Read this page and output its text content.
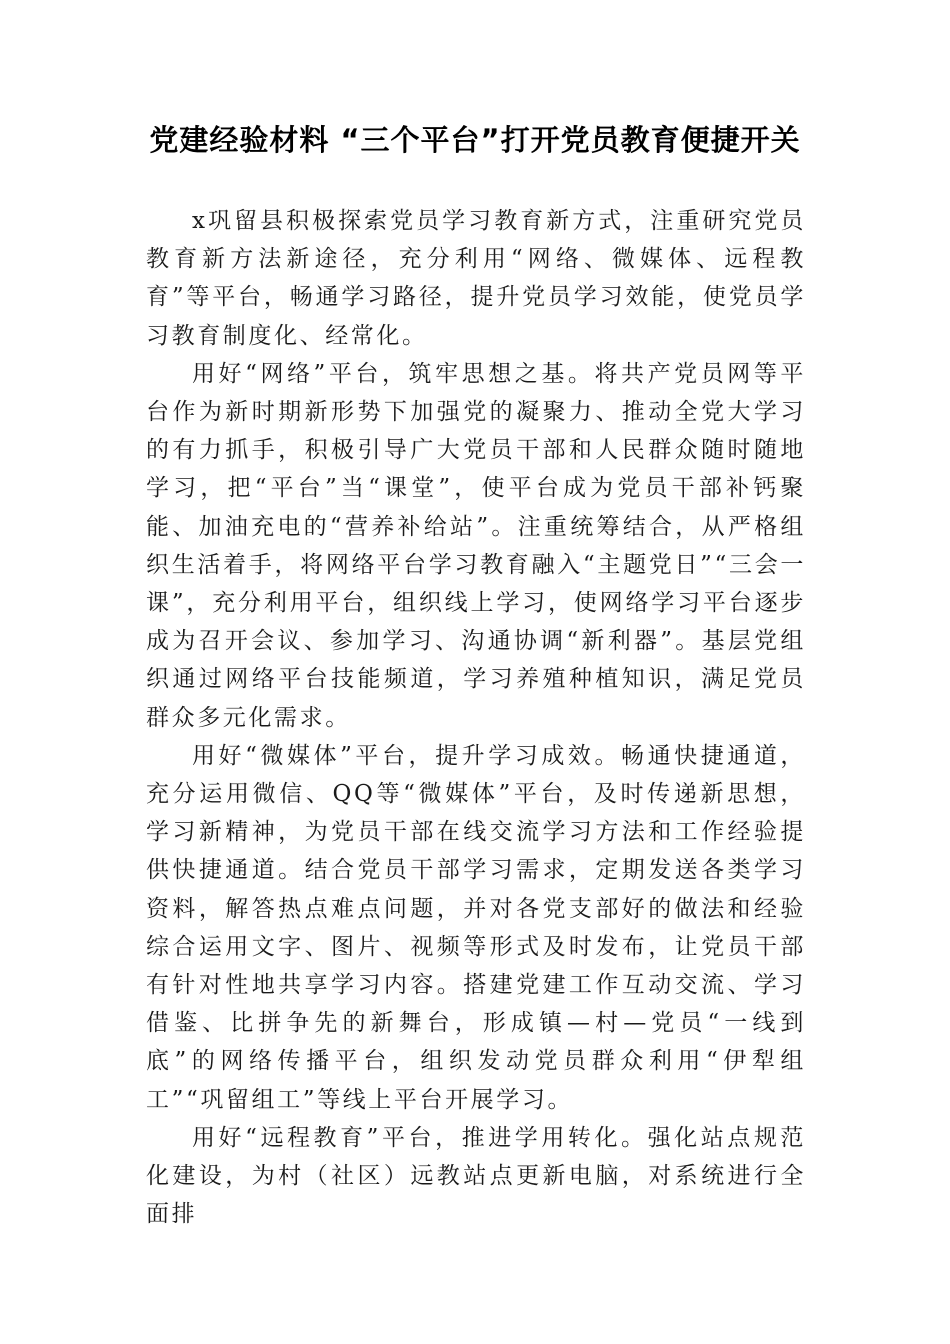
党建经验材料 “三个平台”打开党员教育便捷开关

x巩留县积极探索党员学习教育新方式，注重研究党员教育新方法新途径，充分利用“网络、微媒体、远程教育”等平台，畅通学习路径，提升党员学习效能，使党员学习教育制度化、经常化。

用好“网络”平台，筑牢思想之基。将共产党员网等平台作为新时期新形势下加强党的凝聚力、推动全党大学习的有力抓手，积极引导广大党员干部和人民群众随时随地学习，把“平台”当“课堂”，使平台成为党员干部补钙聚能、加油充电的“营养补给站”。注重统筹结合，从严格组织生活着手，将网络平台学习教育融入“主题党日”“三会一课”，充分利用平台，组织线上学习，使网络学习平台逐步成为召开会议、参加学习、沟通协调“新利器”。基层党组织通过网络平台技能频道，学习养殖种植知识，满足党员群众多元化需求。

用好“微媒体”平台，提升学习成效。畅通快捷通道，充分运用微信、QQ等“微媒体”平台，及时传递新思想，学习新精神，为党员干部在线交流学习方法和工作经验提供快捷通道。结合党员干部学习需求，定期发送各类学习资料，解答热点难点问题，并对各党支部好的做法和经验综合运用文字、图片、视频等形式及时发布，让党员干部有针对性地共享学习内容。搭建党建工作互动交流、学习借鉴、比拼争先的新舞台，形成镇—村—党员“一线到底”的网络传播平台，组织发动党员群众利用“伊犁组工”“巩留组工”等线上平台开展学习。

用好“远程教育”平台，推进学用转化。强化站点规范化建设，为村（社区）远教站点更新电脑，对系统进行全面排
